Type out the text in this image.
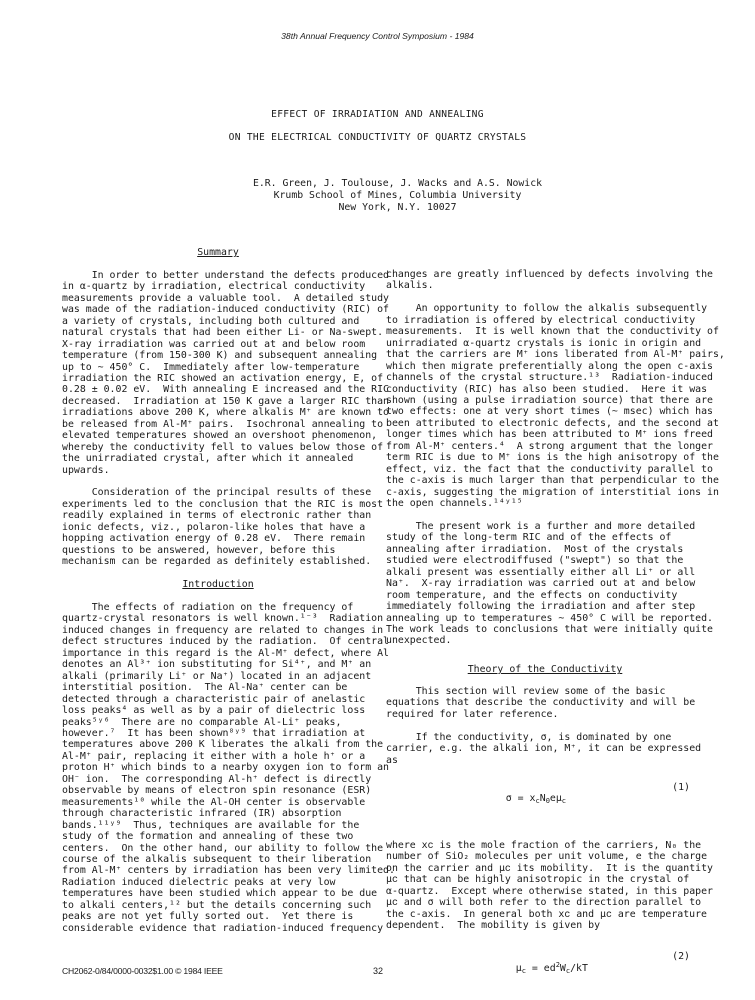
38th Annual Frequency Control Symposium - 1984
EFFECT OF IRRADIATION AND ANNEALING
ON THE ELECTRICAL CONDUCTIVITY OF QUARTZ CRYSTALS
E.R. Green, J. Toulouse, J. Wacks and A.S. Nowick
Krumb School of Mines, Columbia University
New York, N.Y. 10027

Summary

In order to better understand the defects produced

in α-quartz by irradiation, electrical conductivity

measurements provide a valuable tool.  A detailed study

was made of the radiation-induced conductivity (RIC) of

a variety of crystals, including both cultured and

natural crystals that had been either Li- or Na-swept.

X-ray irradiation was carried out at and below room

temperature (from 150-300 K) and subsequent annealing

up to ~ 450° C.  Immediately after low-temperature

irradiation the RIC showed an activation energy, E, of

0.28 ± 0.02 eV.  With annealing E increased and the RIC

decreased.  Irradiation at 150 K gave a larger RIC than

irradiations above 200 K, where alkalis M⁺ are known to

be released from Al-M⁺ pairs.  Isochronal annealing to

elevated temperatures showed an overshoot phenomenon,

whereby the conductivity fell to values below those of

the unirradiated crystal, after which it annealed

upwards.

Consideration of the principal results of these

experiments led to the conclusion that the RIC is most

readily explained in terms of electronic rather than

ionic defects, viz., polaron-like holes that have a

hopping activation energy of 0.28 eV.  There remain

questions to be answered, however, before this

mechanism can be regarded as definitely established.

Introduction

The effects of radiation on the frequency of

quartz-crystal resonators is well known.¹⁻³  Radiation

induced changes in frequency are related to changes in

defect structures induced by the radiation.  Of central

importance in this regard is the Al-M⁺ defect, where Al

denotes an Al³⁺ ion substituting for Si⁴⁺, and M⁺ an

alkali (primarily Li⁺ or Na⁺) located in an adjacent

interstitial position.  The Al-Na⁺ center can be

detected through a characteristic pair of anelastic

loss peaks⁴ as well as by a pair of dielectric loss

peaks⁵ʸ⁶  There are no comparable Al-Li⁺ peaks,

however.⁷  It has been shown⁸ʸ⁹ that irradiation at

temperatures above 200 K liberates the alkali from the

Al-M⁺ pair, replacing it either with a hole h⁺ or a

proton H⁺ which binds to a nearby oxygen ion to form an

OH⁻ ion.  The corresponding Al-h⁺ defect is directly

observable by means of electron spin resonance (ESR)

measurements¹⁰ while the Al-OH center is observable

through characteristic infrared (IR) absorption

bands.¹¹ʸ⁹  Thus, techniques are available for the

study of the formation and annealing of these two

centers.  On the other hand, our ability to follow the

course of the alkalis subsequent to their liberation

from Al-M⁺ centers by irradiation has been very limited.

Radiation induced dielectric peaks at very low

temperatures have been studied which appear to be due

to alkali centers,¹² but the details concerning such

peaks are not yet fully sorted out.  Yet there is

considerable evidence that radiation-induced frequency

changes are greatly influenced by defects involving the

alkalis.

An opportunity to follow the alkalis subsequently

to irradiation is offered by electrical conductivity

measurements.  It is well known that the conductivity of

unirradiated α-quartz crystals is ionic in origin and

that the carriers are M⁺ ions liberated from Al-M⁺ pairs,

which then migrate preferentially along the open c-axis

channels of the crystal structure.¹³  Radiation-induced

conductivity (RIC) has also been studied.  Here it was

shown (using a pulse irradiation source) that there are

two effects: one at very short times (~ msec) which has

been attributed to electronic defects, and the second at

longer times which has been attributed to M⁺ ions freed

from Al-M⁺ centers.⁴  A strong argument that the longer

term RIC is due to M⁺ ions is the high anisotropy of the

effect, viz. the fact that the conductivity parallel to

the c-axis is much larger than that perpendicular to the

c-axis, suggesting the migration of interstitial ions in

the open channels.¹⁴ʸ¹⁵

The present work is a further and more detailed

study of the long-term RIC and of the effects of

annealing after irradiation.  Most of the crystals

studied were electrodiffused ("swept") so that the

alkali present was essentially either all Li⁺ or all

Na⁺.  X-ray irradiation was carried out at and below

room temperature, and the effects on conductivity

immediately following the irradiation and after step

annealing up to temperatures ~ 450° C will be reported.

The work leads to conclusions that were initially quite

unexpected.

Theory of the Conductivity

This section will review some of the basic

equations that describe the conductivity and will be

required for later reference.

If the conductivity, σ, is dominated by one

carrier, e.g. the alkali ion, M⁺, it can be expressed

as

$\sigma = x_cN_0e\mu_c$

(1)

where xᴄ is the mole fraction of the carriers, N₀ the

number of SiO₂ molecules per unit volume, e the charge

on the carrier and μᴄ its mobility.  It is the quantity

μᴄ that can be highly anisotropic in the crystal of

α-quartz.  Except where otherwise stated, in this paper

μᴄ and σ will both refer to the direction parallel to

the c-axis.  In general both xᴄ and μᴄ are temperature

dependent.  The mobility is given by

$\mu_c = ed^2W_c/kT$

(2)

CH2062-0/84/0000-0032$1.00 © 1984 IEEE	32
